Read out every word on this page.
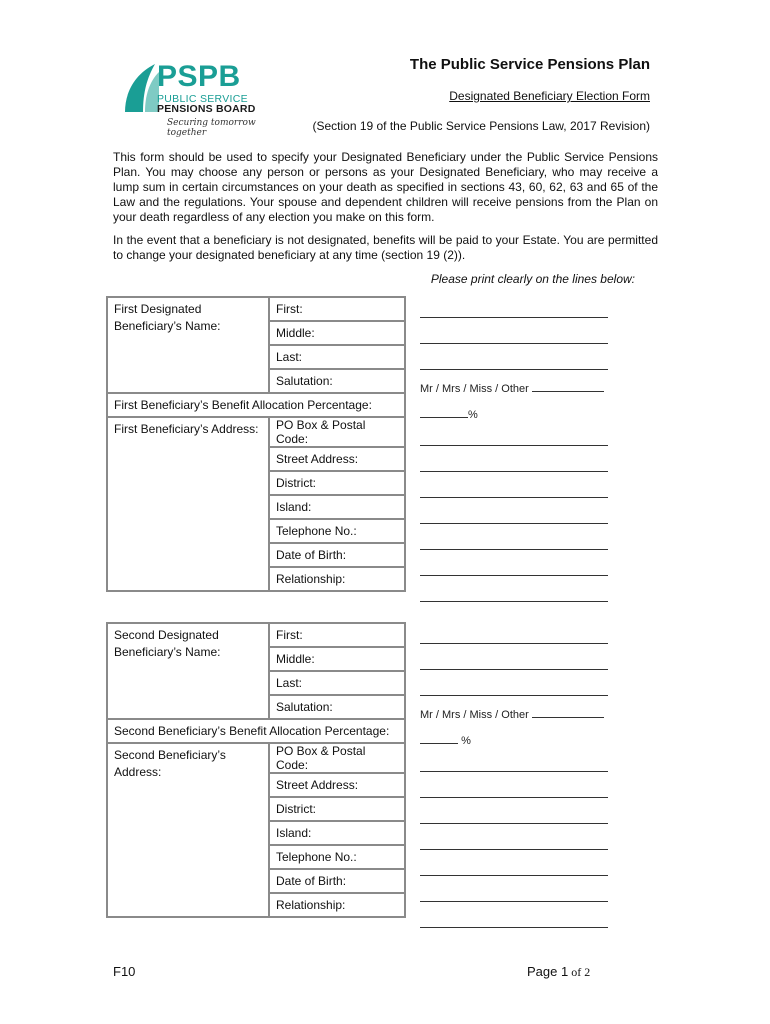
PSPB
PUBLIC SERVICE
PENSIONS BOARD
Securing tomorrow together
The Public Service Pensions Plan
Designated Beneficiary Election Form
(Section 19 of the Public Service Pensions Law, 2017 Revision)
This form should be used to specify your Designated Beneficiary under the Public Service Pensions Plan. You may choose any person or persons as your Designated Beneficiary, who may receive a lump sum in certain circumstances on your death as specified in sections 43, 60, 62, 63 and 65 of the Law and the regulations. Your spouse and dependent children will receive pensions from the Plan on your death regardless of any election you make on this form.
In the event that a beneficiary is not designated, benefits will be paid to your Estate. You are permitted to change your designated beneficiary at any time (section 19 (2)).
Please print clearly on the lines below:
First Designated
Beneficiary’s Name:	First:
	Middle:
	Last:
	Salutation:
First Beneficiary’s Benefit Allocation Percentage:	
First Beneficiary’s Address:	PO Box & Postal Code:
	Street Address:
	District:
	Island:
	Telephone No.:
	Date of Birth:
	Relationship:
Mr / Mrs / Miss / Other
%
Second Designated
Beneficiary’s Name:	First:
	Middle:
	Last:
	Salutation:
Second Beneficiary’s Benefit Allocation Percentage:	
Second Beneficiary’s
Address:	PO Box & Postal Code:
	Street Address:
	District:
	Island:
	Telephone No.:
	Date of Birth:
	Relationship:
Mr / Mrs / Miss / Other
%
F10	Page 1 of 2
